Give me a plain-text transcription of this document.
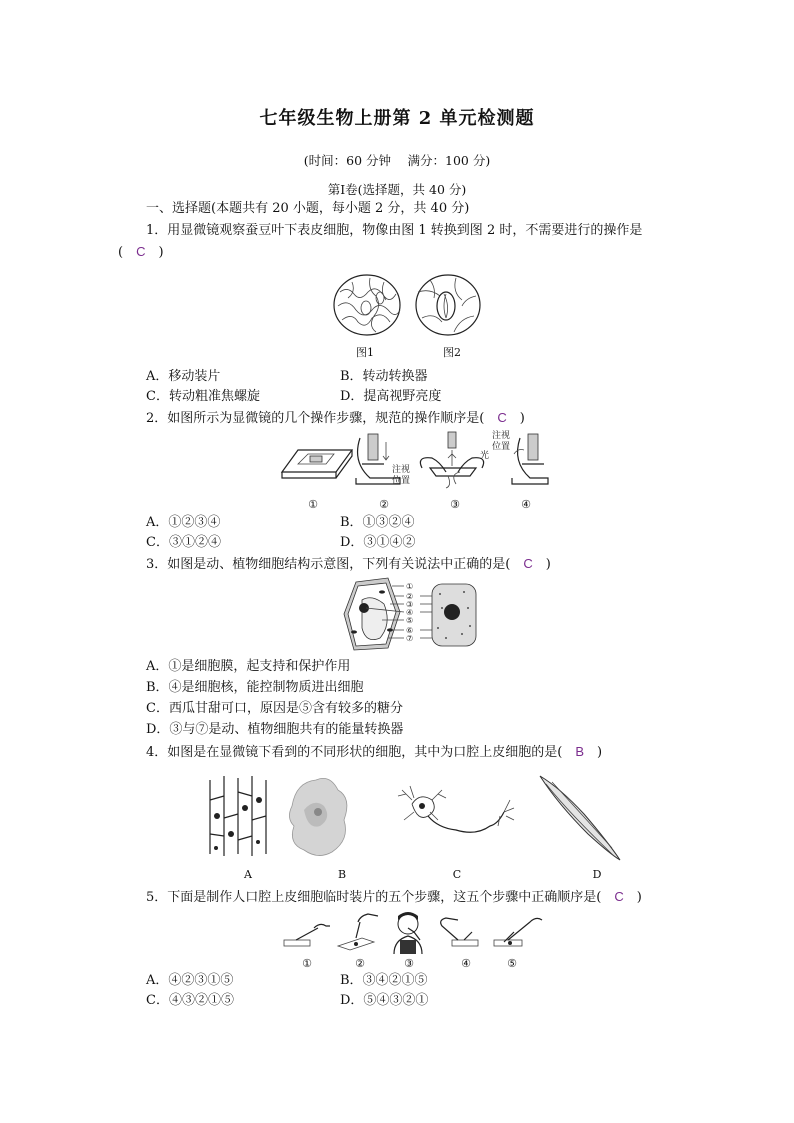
七年级生物上册第 2 单元检测题
(时间：60 分钟　 满分：100 分)
第Ⅰ卷(选择题，共 40 分)
一、选择题(本题共有 20 小题，每小题 2 分，共 40 分)
1．用显微镜观察蚕豆叶下表皮细胞，物像由图 1 转换到图 2 时，不需要进行的操作是
(　 C　 )
图1	图2
A．移动装片	B．转动转换器
C．转动粗准焦螺旋	D．提高视野亮度
2．如图所示为显微镜的几个操作步骤，规范的操作顺序是(　 C　 )
注视
位置
光
注视
位置
①	②	③	④
A．①②③④	B．①③②④
C．③①②④	D．③①④②
3．如图是动、植物细胞结构示意图，下列有关说法中正确的是(　 C　 )
①
②
③
④
⑤
⑥
⑦
A．①是细胞膜，起支持和保护作用
B．④是细胞核，能控制物质进出细胞
C．西瓜甘甜可口，原因是⑤含有较多的糖分
D．③与⑦是动、植物细胞共有的能量转换器
4．如图是在显微镜下看到的不同形状的细胞，其中为口腔上皮细胞的是(　 B　 )
A	B	C	D
5．下面是制作人口腔上皮细胞临时装片的五个步骤，这五个步骤中正确顺序是(　 C　 )
①	②	③	④	⑤
A．④②③①⑤	B．③④②①⑤
C．④③②①⑤	D．⑤④③②①
